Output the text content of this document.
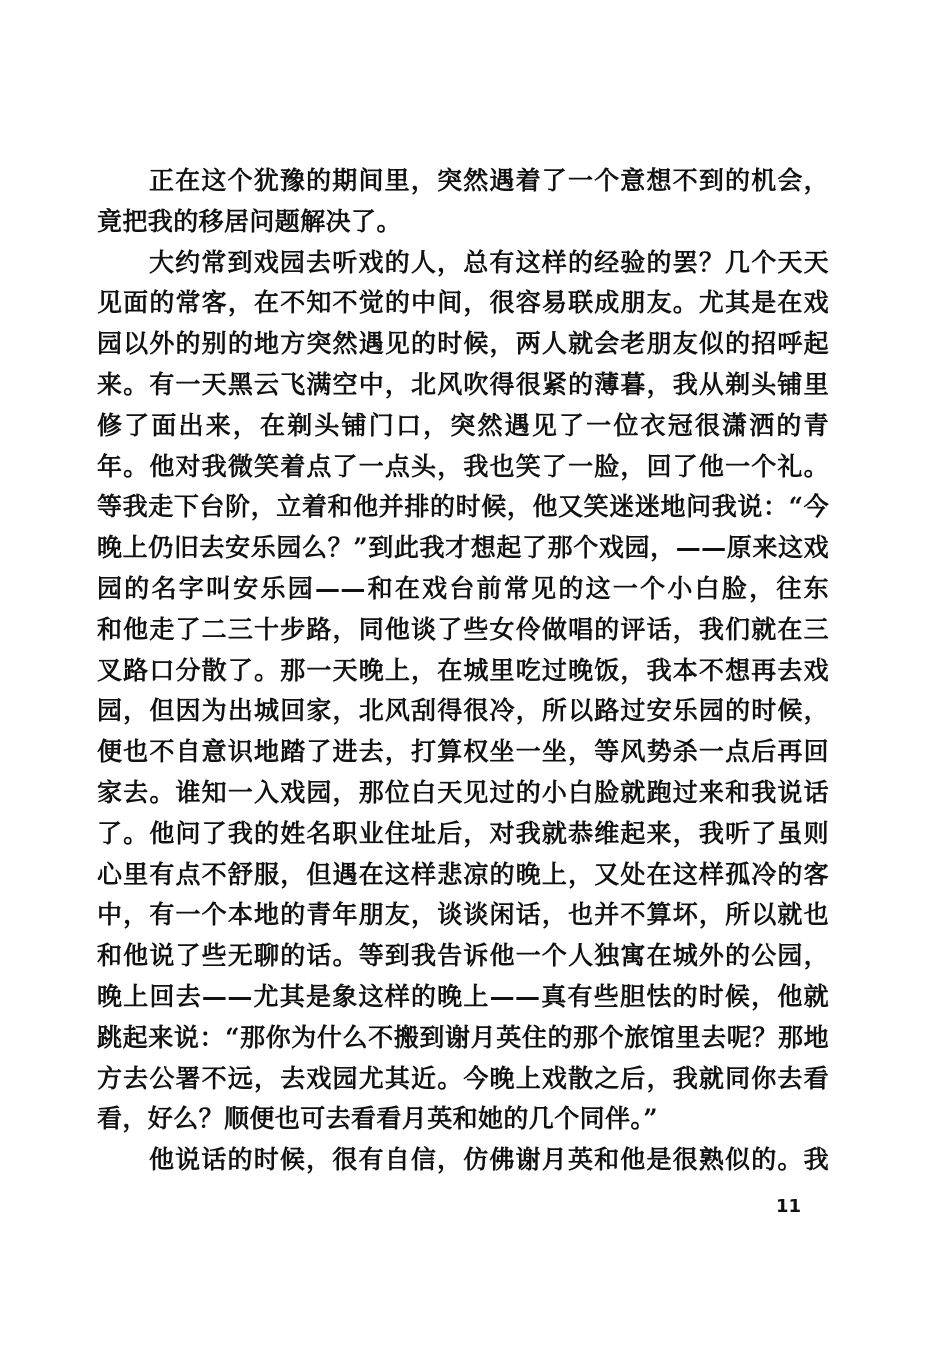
正在这个犹豫的期间里，突然遇着了一个意想不到的机会，
竟把我的移居问题解决了。
大约常到戏园去听戏的人，总有这样的经验的罢？几个天天
见面的常客，在不知不觉的中间，很容易联成朋友。尤其是在戏
园以外的别的地方突然遇见的时候，两人就会老朋友似的招呼起
来。有一天黑云飞满空中，北风吹得很紧的薄暮，我从剃头铺里
修了面出来，在剃头铺门口，突然遇见了一位衣冠很潇洒的青
年。他对我微笑着点了一点头，我也笑了一脸，回了他一个礼。
等我走下台阶，立着和他并排的时候，他又笑迷迷地问我说：“今
晚上仍旧去安乐园么？”到此我才想起了那个戏园，——原来这戏
园的名字叫安乐园——和在戏台前常见的这一个小白脸，往东
和他走了二三十步路，同他谈了些女伶做唱的评话，我们就在三
叉路口分散了。那一天晚上，在城里吃过晚饭，我本不想再去戏
园，但因为出城回家，北风刮得很冷，所以路过安乐园的时候，
便也不自意识地踏了进去，打算权坐一坐，等风势杀一点后再回
家去。谁知一入戏园，那位白天见过的小白脸就跑过来和我说话
了。他问了我的姓名职业住址后，对我就恭维起来，我听了虽则
心里有点不舒服，但遇在这样悲凉的晚上，又处在这样孤冷的客
中，有一个本地的青年朋友，谈谈闲话，也并不算坏，所以就也
和他说了些无聊的话。等到我告诉他一个人独寓在城外的公园，
晚上回去——尤其是象这样的晚上——真有些胆怯的时候，他就
跳起来说：“那你为什么不搬到谢月英住的那个旅馆里去呢？那地
方去公署不远，去戏园尤其近。今晚上戏散之后，我就同你去看
看，好么？顺便也可去看看月英和她的几个同伴。”
他说话的时候，很有自信，仿佛谢月英和他是很熟似的。我
11
